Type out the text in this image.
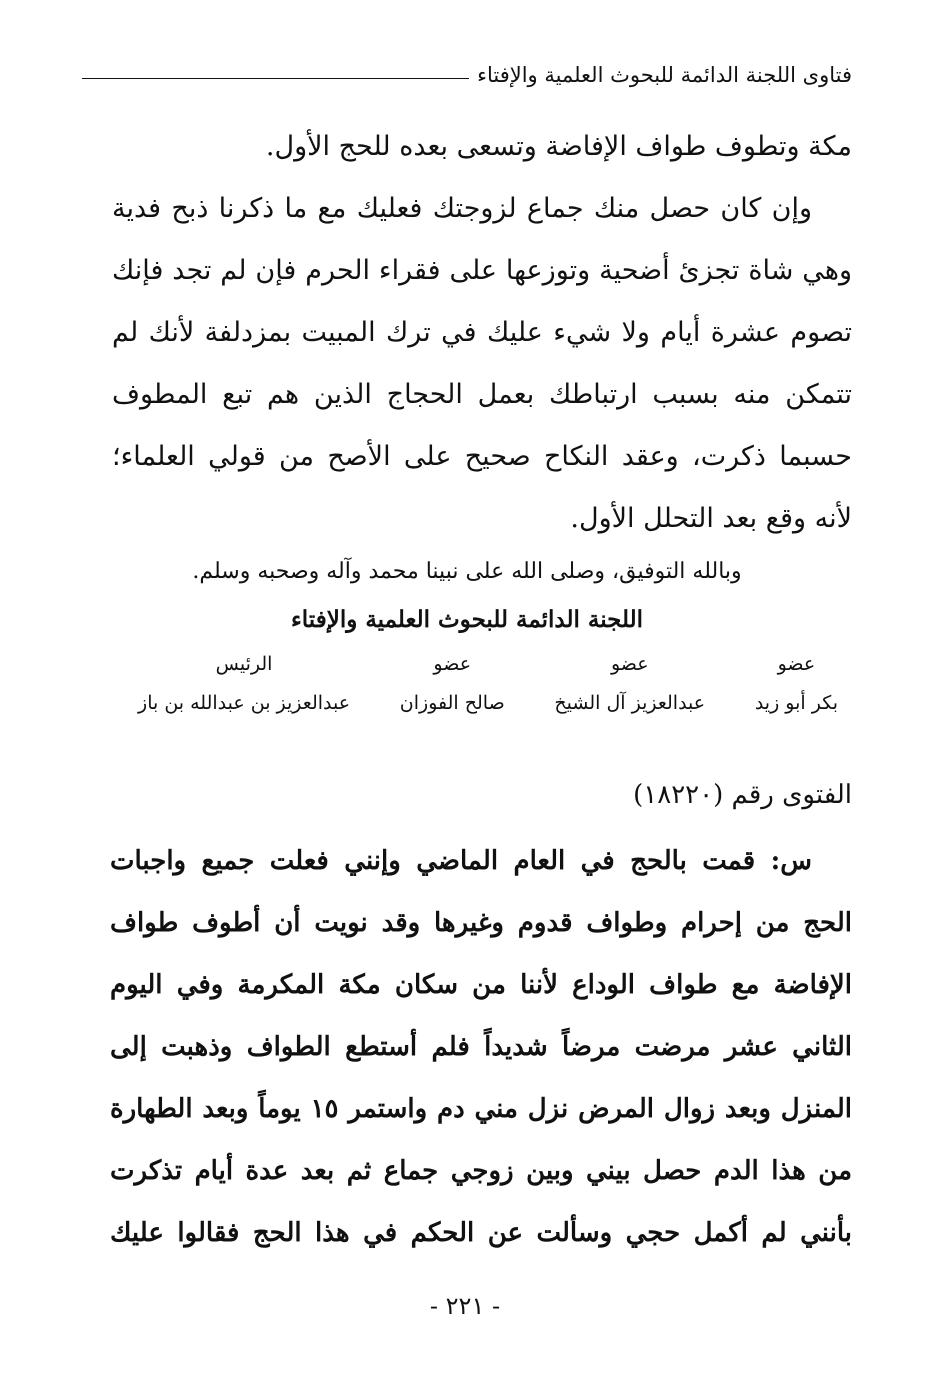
فتاوى اللجنة الدائمة للبحوث العلمية والإفتاء

مكة وتطوف طواف الإفاضة وتسعى بعده للحج الأول.

وإن كان حصل منك جماع لزوجتك فعليك مع ما ذكرنا ذبح فدية وهي شاة تجزئ أضحية وتوزعها على فقراء الحرم فإن لم تجد فإنك تصوم عشرة أيام ولا شيء عليك في ترك المبيت بمزدلفة لأنك لم تتمكن منه بسبب ارتباطك بعمل الحجاج الذين هم تبع المطوف حسبما ذكرت، وعقد النكاح صحيح على الأصح من قولي العلماء؛ لأنه وقع بعد التحلل الأول.

وبالله التوفيق، وصلى الله على نبينا محمد وآله وصحبه وسلم.
اللجنة الدائمة للبحوث العلمية والإفتاء
عضو
بكر أبو زيد
عضو
عبدالعزيز آل الشيخ
عضو
صالح الفوزان
الرئيس
عبدالعزيز بن عبدالله بن باز
الفتوى رقم (١٨٢٢٠)

س: قمت بالحج في العام الماضي وإنني فعلت جميع واجبات الحج من إحرام وطواف قدوم وغيرها وقد نويت أن أطوف طواف الإفاضة مع طواف الوداع لأننا من سكان مكة المكرمة وفي اليوم الثاني عشر مرضت مرضاً شديداً فلم أستطع الطواف وذهبت إلى المنزل وبعد زوال المرض نزل مني دم واستمر ١٥ يوماً وبعد الطهارة من هذا الدم حصل بيني وبين زوجي جماع ثم بعد عدة أيام تذكرت بأنني لم أكمل حجي وسألت عن الحكم في هذا الحج فقالوا عليك

- ٢٢١ -
